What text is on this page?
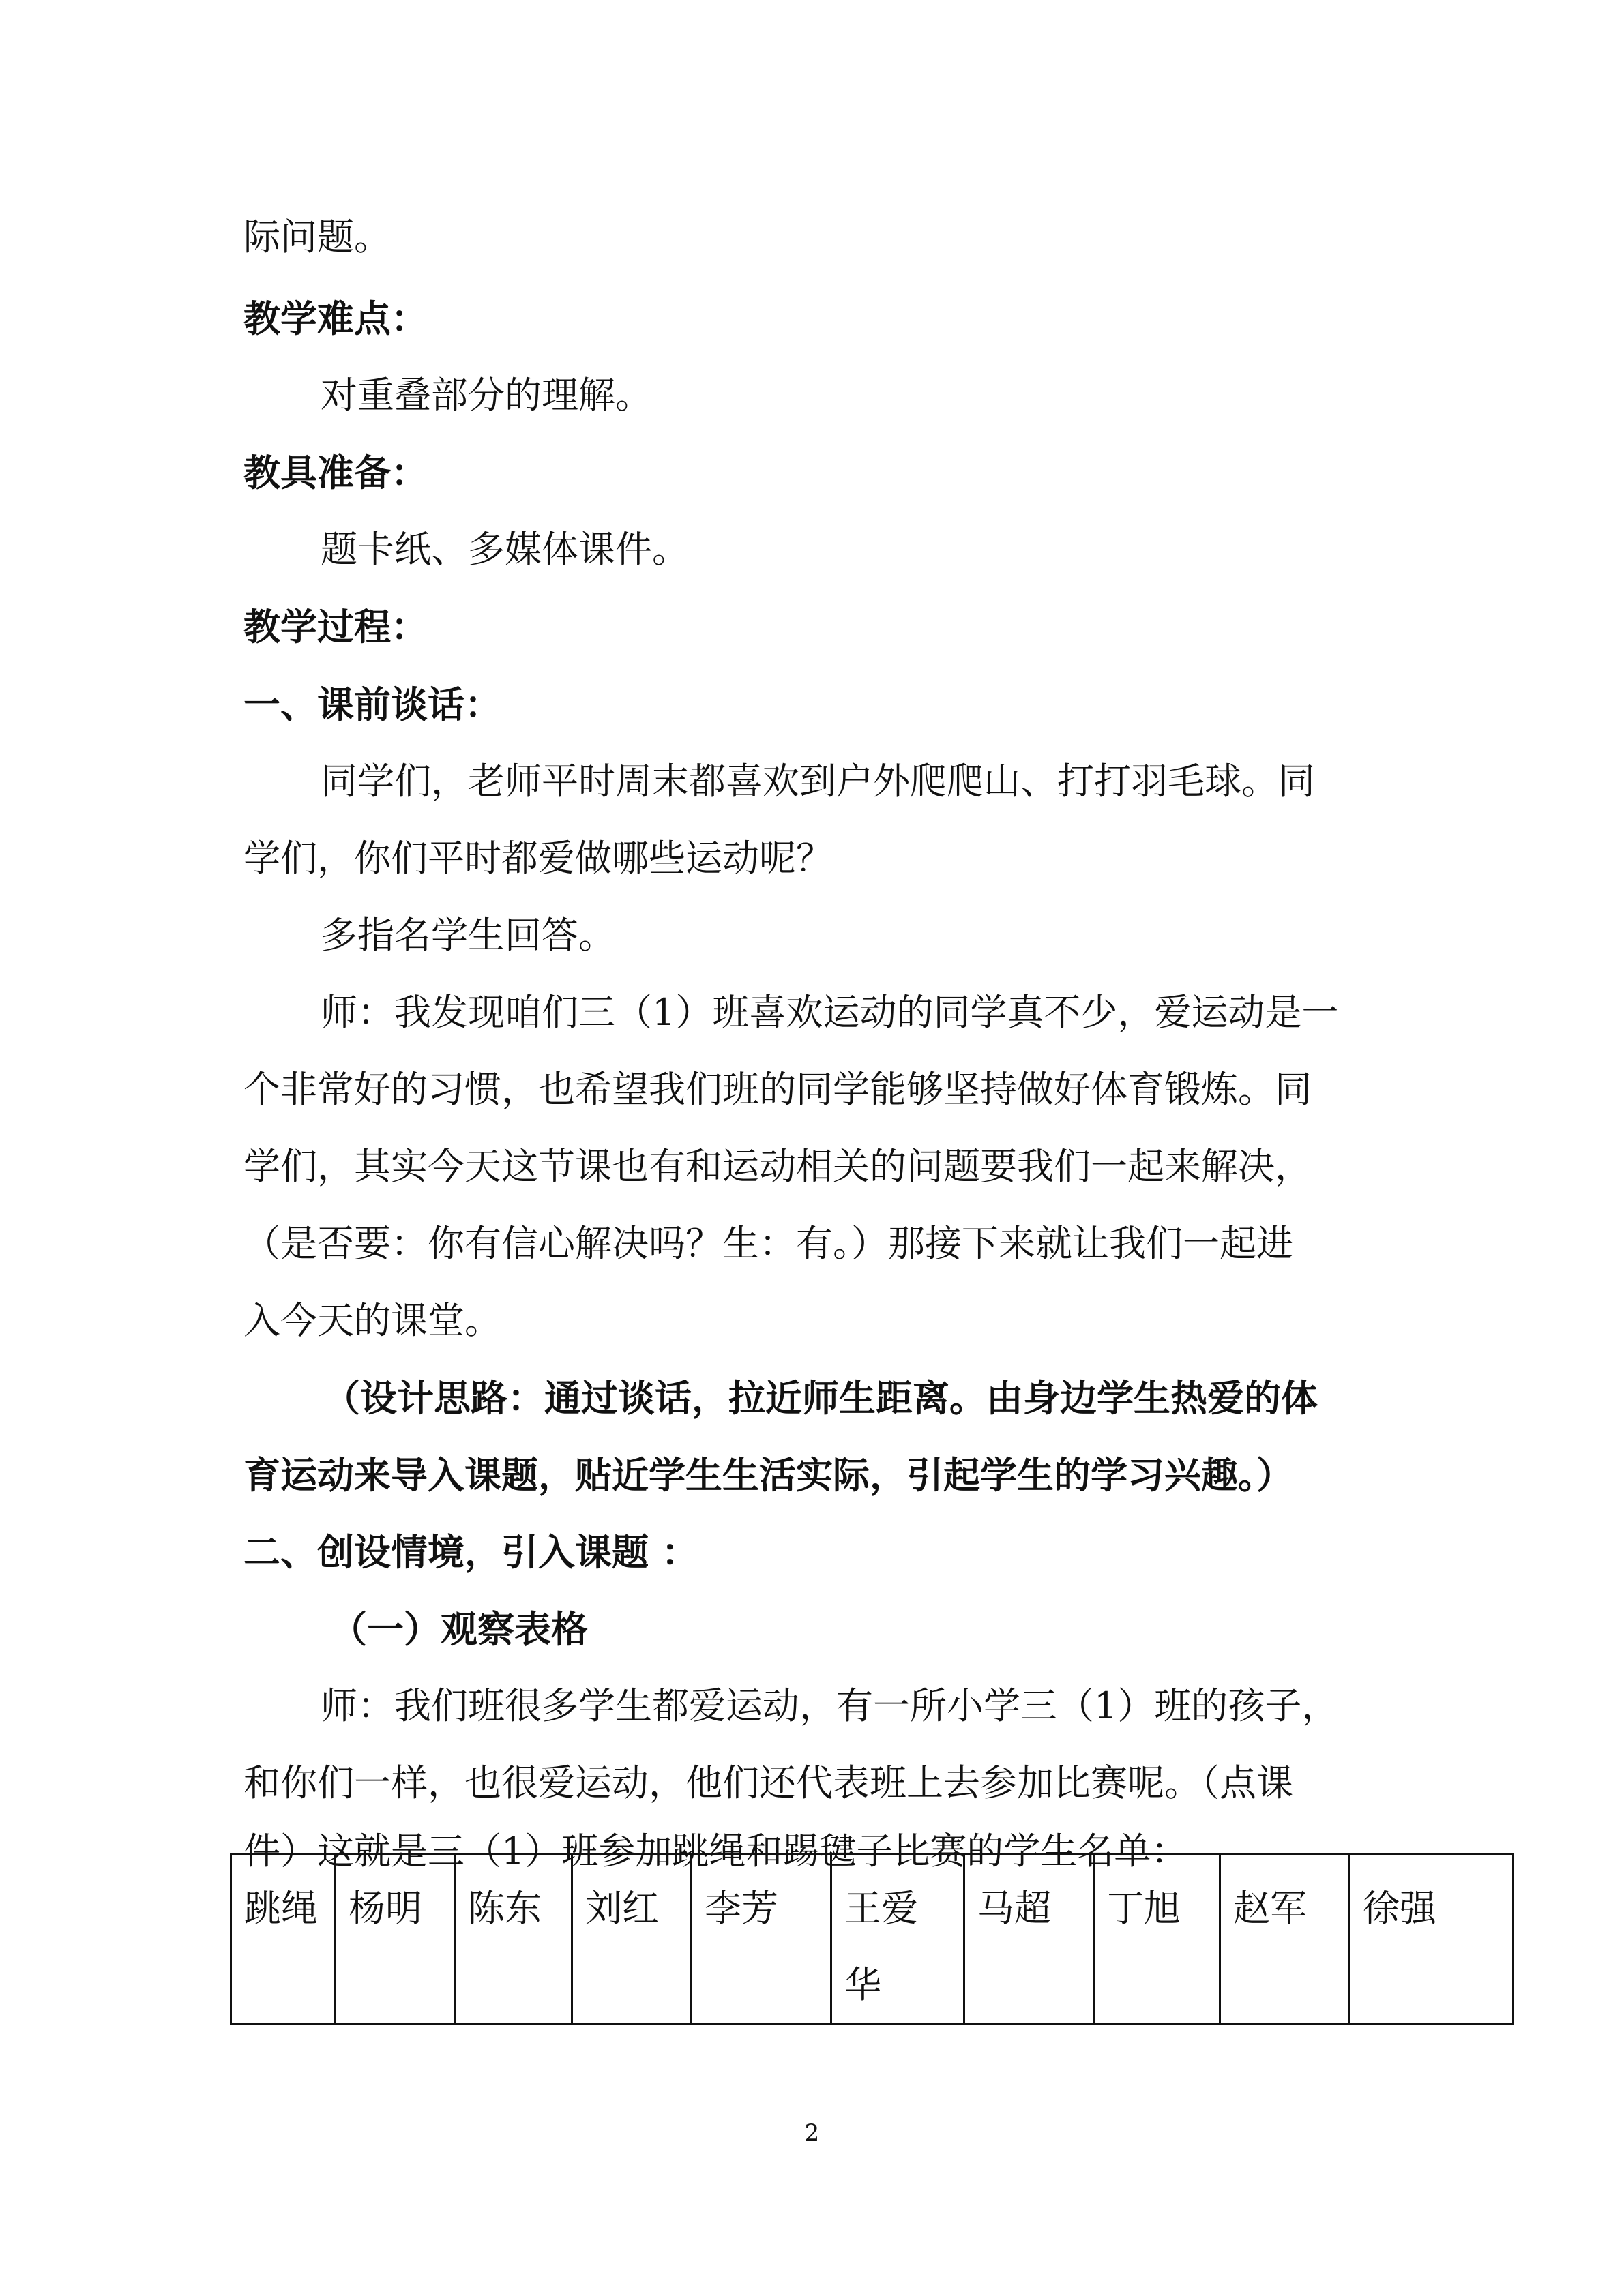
际问题。

教学难点：

对重叠部分的理解。

教具准备：

题卡纸、多媒体课件。

教学过程：

一、课前谈话：

同学们，老师平时周末都喜欢到户外爬爬山、打打羽毛球。同

学们，你们平时都爱做哪些运动呢？

多指名学生回答。

师：我发现咱们三（1）班喜欢运动的同学真不少，爱运动是一

个非常好的习惯，也希望我们班的同学能够坚持做好体育锻炼。同

学们，其实今天这节课也有和运动相关的问题要我们一起来解决，

（是否要：你有信心解决吗？生：有。）那接下来就让我们一起进

入今天的课堂。

（设计思路：通过谈话，拉近师生距离。由身边学生热爱的体

育运动来导入课题，贴近学生生活实际，引起学生的学习兴趣。）

二、创设情境，引入课题 ：

（一）观察表格

师：我们班很多学生都爱运动，有一所小学三（1）班的孩子，

和你们一样，也很爱运动，他们还代表班上去参加比赛呢。（点课

件）这就是三（1）班参加跳绳和踢毽子比赛的学生名单：

跳绳	杨明	陈东	刘红	李芳	王爱华	马超	丁旭	赵军	徐强
2
